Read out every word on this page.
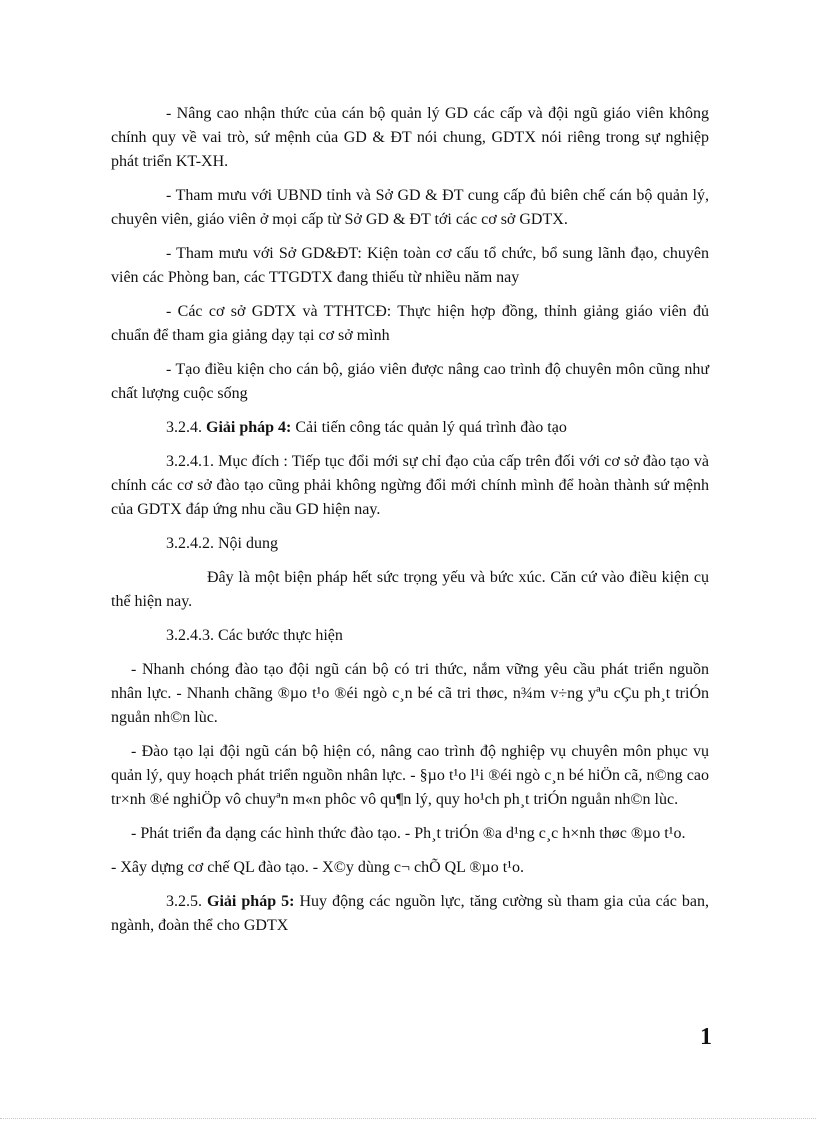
- Nâng cao nhận thức của cán bộ quản lý GD các cấp và đội ngũ giáo viên không chính quy về vai trò, sứ mệnh của GD & ĐT nói chung, GDTX nói riêng trong sự nghiệp phát triển KT-XH.

- Tham mưu với UBND tỉnh và Sở GD & ĐT cung cấp đủ biên chế cán bộ quản lý, chuyên viên, giáo viên ở mọi cấp từ Sở GD & ĐT tới các cơ sở GDTX.

- Tham mưu với Sở GD&ĐT: Kiện toàn cơ cấu tổ chức, bổ sung lãnh đạo, chuyên viên các Phòng ban, các TTGDTX đang thiếu từ nhiều năm nay

- Các cơ sở GDTX và TTHTCĐ: Thực hiện hợp đồng, thỉnh giảng giáo viên đủ chuẩn để tham gia giảng dạy tại cơ sở mình

- Tạo điều kiện cho cán bộ, giáo viên được nâng cao trình độ chuyên môn cũng như chất lượng cuộc sống

3.2.4. Giải pháp 4: Cải tiến công tác quản lý quá trình đào tạo

3.2.4.1. Mục đích : Tiếp tục đổi mới sự chỉ đạo của cấp trên đối với cơ sở đào tạo và chính các cơ sở đào tạo cũng phải không ngừng đổi mới chính mình để hoàn thành sứ mệnh của GDTX đáp ứng nhu cầu GD hiện nay.

3.2.4.2. Nội dung

Đây là một biện pháp hết sức trọng yếu và bức xúc. Căn cứ vào điều kiện cụ thể hiện nay.

3.2.4.3. Các bước thực hiện

- Nhanh chóng đào tạo đội ngũ cán bộ có tri thức, nắm vững yêu cầu phát triển nguồn nhân lực. - Nhanh chãng ®µo t¹o ®éi ngò c¸n bé cã tri thøc, n¾m v÷ng yªu cÇu ph¸t triÓn nguån nh©n lùc.

- Đào tạo lại đội ngũ cán bộ hiện có, nâng cao trình độ nghiệp vụ chuyên môn phục vụ quản lý, quy hoạch phát triển nguồn nhân lực. - §µo t¹o l¹i ®éi ngò c¸n bé hiÖn cã, n©ng cao tr×nh ®é nghiÖp vô chuyªn m«n phôc vô qu¶n lý, quy ho¹ch ph¸t triÓn nguån nh©n lùc.

- Phát triển đa dạng các hình thức đào tạo. - Ph¸t triÓn ®a d¹ng c¸c h×nh thøc ®µo t¹o.

- Xây dựng cơ chế QL đào tạo. - X©y dùng c¬ chÕ QL ®µo t¹o.

3.2.5. Giải pháp 5: Huy động các nguồn lực, tăng cường sù tham gia của các ban, ngành, đoàn thể cho GDTX

1
